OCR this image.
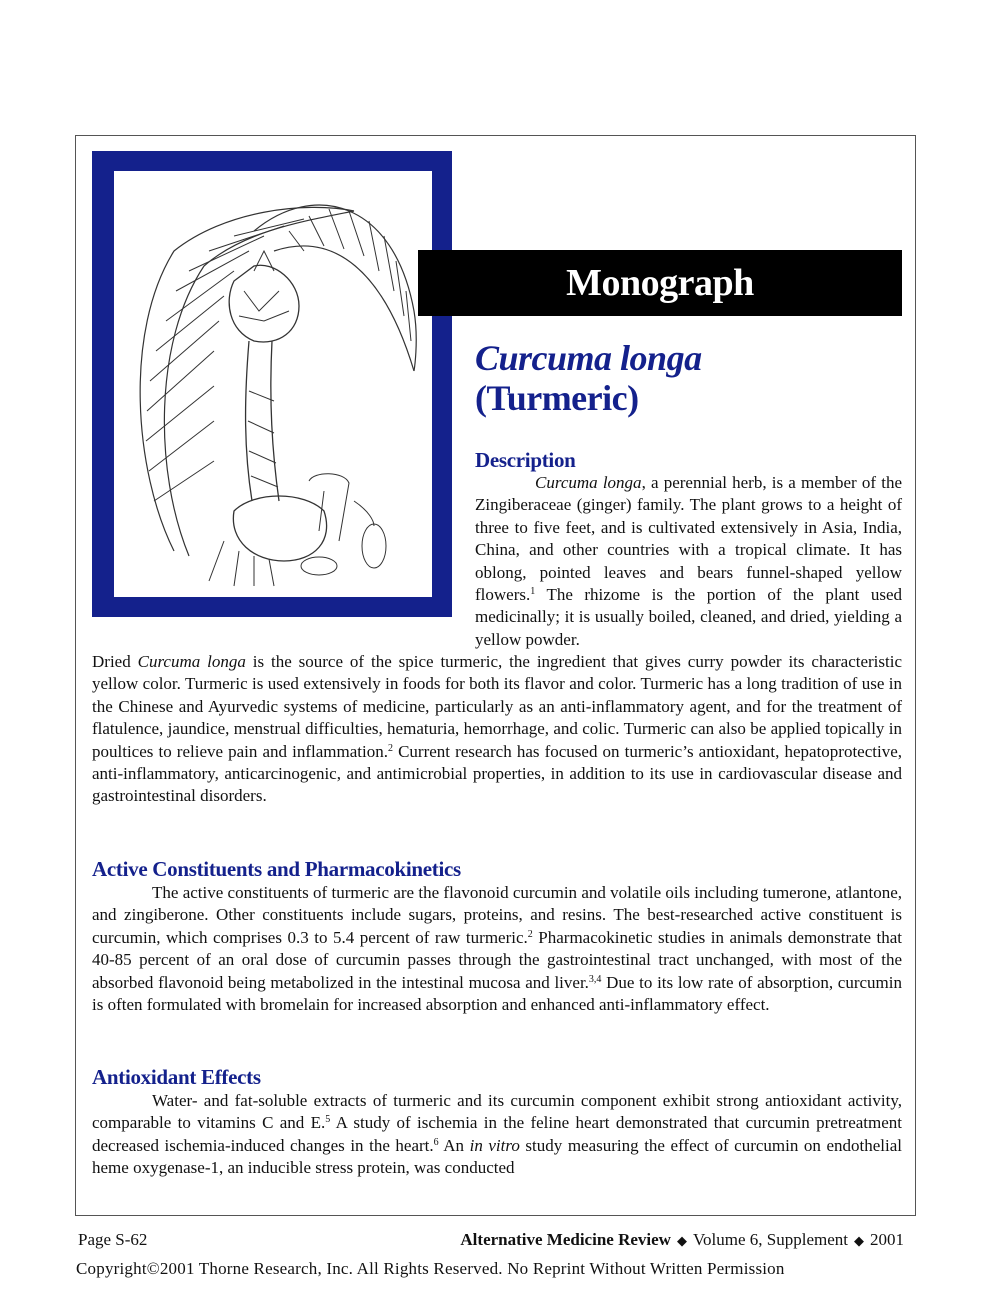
Monograph
Curcuma longa
(Turmeric)
Description

Curcuma longa, a perennial herb, is a member of the Zingiberaceae (ginger) family. The plant grows to a height of three to five feet, and is cultivated extensively in Asia, India, China, and other countries with a tropical climate. It has oblong, pointed leaves and bears funnel-shaped yellow flowers.$^1$ The rhizome is the portion of the plant used medicinally; it is usually boiled, cleaned, and dried, yielding a yellow powder.

Dried Curcuma longa is the source of the spice turmeric, the ingredient that gives curry powder its characteristic yellow color. Turmeric is used extensively in foods for both its flavor and color. Turmeric has a long tradition of use in the Chinese and Ayurvedic systems of medicine, particularly as an anti-inflammatory agent, and for the treatment of flatulence, jaundice, menstrual difficulties, hematuria, hemorrhage, and colic. Turmeric can also be applied topically in poultices to relieve pain and inflammation.$^2$ Current research has focused on turmeric’s antioxidant, hepatoprotective, anti-inflammatory, anticarcinogenic, and antimicrobial properties, in addition to its use in cardiovascular disease and gastrointestinal disorders.

Active Constituents and Pharmacokinetics

The active constituents of turmeric are the flavonoid curcumin and volatile oils including tumerone, atlantone, and zingiberone. Other constituents include sugars, proteins, and resins. The best-researched active constituent is curcumin, which comprises 0.3 to 5.4 percent of raw turmeric.$^2$ Pharmacokinetic studies in animals demonstrate that 40-85 percent of an oral dose of curcumin passes through the gastrointestinal tract unchanged, with most of the absorbed flavonoid being metabolized in the intestinal mucosa and liver.$^{3,4}$ Due to its low rate of absorption, curcumin is often formulated with bromelain for increased absorption and enhanced anti-inflammatory effect.

Antioxidant Effects

Water- and fat-soluble extracts of turmeric and its curcumin component exhibit strong antioxidant activity, comparable to vitamins C and E.$^5$ A study of ischemia in the feline heart demonstrated that curcumin pretreatment decreased ischemia-induced changes in the heart.$^6$ An in vitro study measuring the effect of curcumin on endothelial heme oxygenase-1, an inducible stress protein, was conducted

Page S-62	Alternative Medicine Review ◆ Volume 6, Supplement ◆ 2001
Copyright©2001 Thorne Research, Inc. All Rights Reserved. No Reprint Without Written Permission
